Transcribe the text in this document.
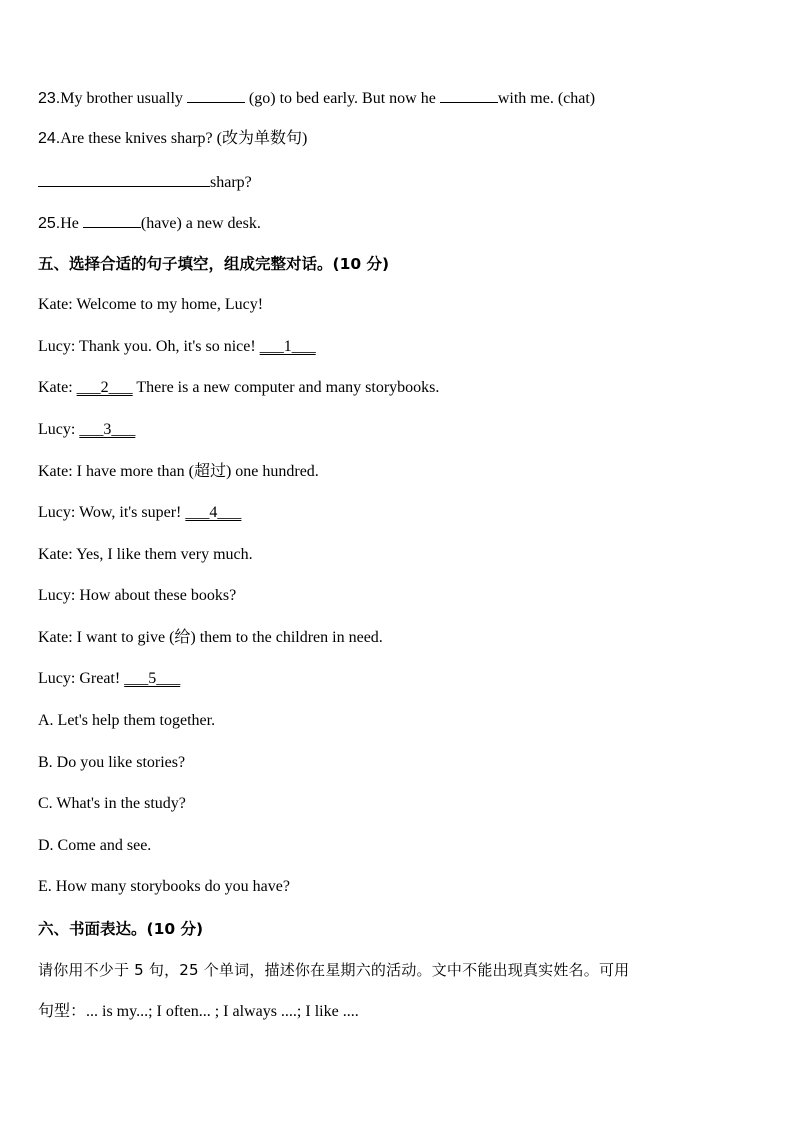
23.My brother usually	(go) to bed early. But now he	with me. (chat)
24.Are these knives sharp? (改为单数句)
sharp?
25.He	(have) a new desk.
五、选择合适的句子填空，组成完整对话。(10 分)
Kate: Welcome to my home, Lucy!
Lucy: Thank you. Oh, it's so nice! ___1___
Kate: ___2___ There is a new computer and many storybooks.
Lucy: ___3___
Kate: I have more than (超过) one hundred.
Lucy: Wow, it's super! ___4___
Kate: Yes, I like them very much.
Lucy: How about these books?
Kate: I want to give (给) them to the children in need.
Lucy: Great! ___5___
A. Let's help them together.
B. Do you like stories?
C. What's in the study?
D. Come and see.
E. How many storybooks do you have?
六、书面表达。(10 分)
请你用不少于 5 句，25 个单词，描述你在星期六的活动。文中不能出现真实姓名。可用
句型：... is my...; I often... ; I always ....; I like ....
